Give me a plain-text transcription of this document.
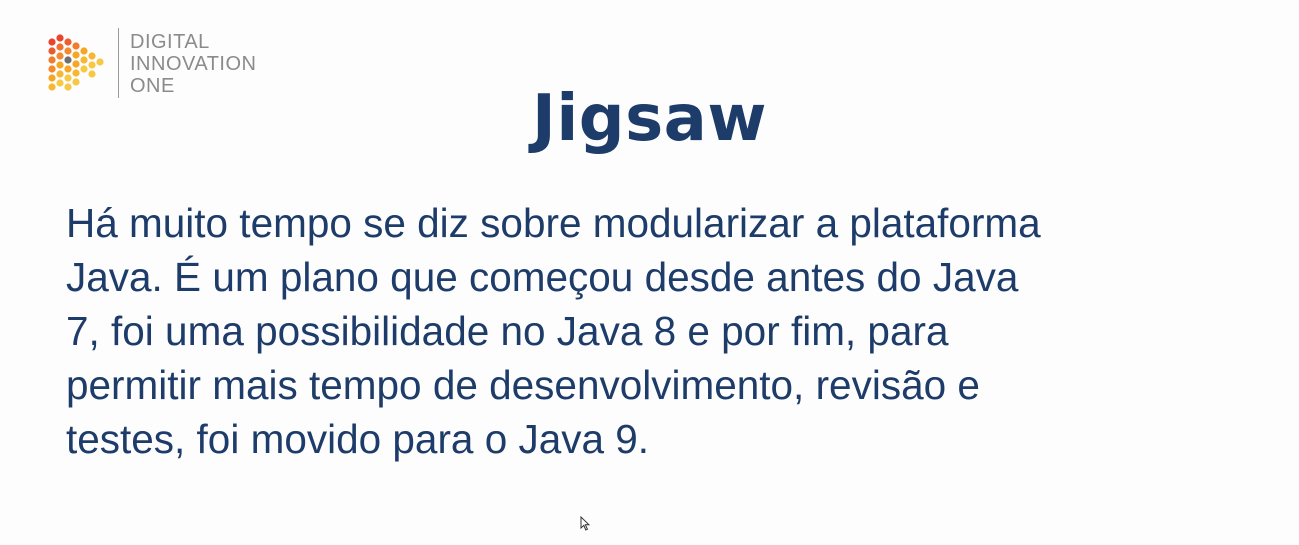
DIGITAL
INNOVATION
ONE	Jigsaw

Há muito tempo se diz sobre modularizar a plataforma
Java. É um plano que começou desde antes do Java
7, foi uma possibilidade no Java 8 e por fim, para
permitir mais tempo de desenvolvimento, revisão e
testes, foi movido para o Java 9.
